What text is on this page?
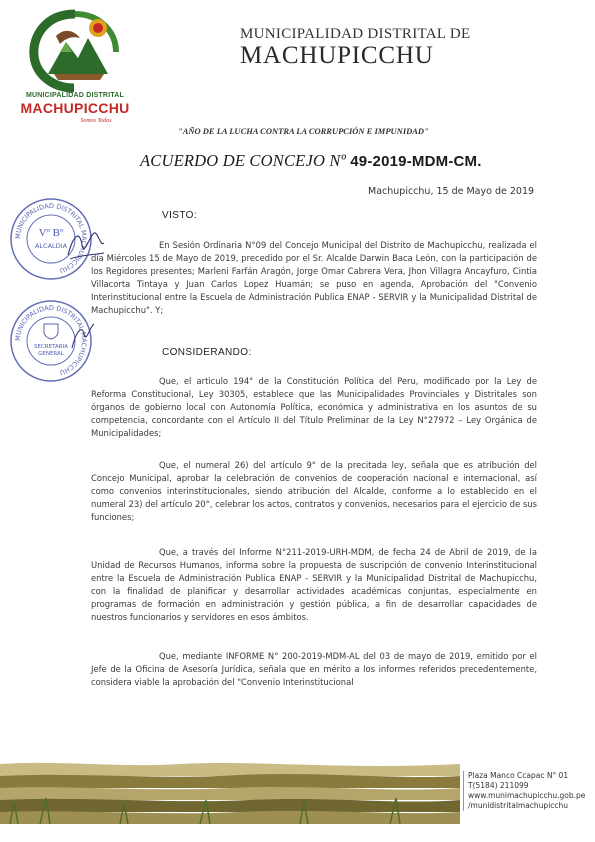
MUNICIPALIDAD DISTRITAL
MACHUPICCHU
Somos Todos
MUNICIPALIDAD DISTRITAL DE
MACHUPICCHU
"AÑO DE LA LUCHA CONTRA LA CORRUPCIÓN E IMPUNIDAD"
ACUERDO DE CONCEJO Nº 49-2019-MDM-CM.
Machupicchu, 15 de Mayo de 2019
VISTO:
En Sesión Ordinaria N°09 del Concejo Municipal del Distrito de Machupicchu, realizada el día Miércoles 15 de Mayo de 2019, precedido por el Sr. Alcalde Darwin Baca León, con la participación de los Regidores presentes; Marleni Farfán Aragón, Jorge Omar Cabrera Vera, Jhon Villagra Ancayfuro, Cintia Villacorta Tintaya y Juan Carlos Lopez Huamán; se puso en agenda, Aprobación del "Convenio Interinstitucional entre la Escuela de Administración Publica ENAP - SERVIR y la Municipalidad Distrital de Machupicchu". Y;
CONSIDERANDO:
Que, el articulo 194° de la Constitución Política del Peru, modificado por la Ley de Reforma Constitucional, Ley 30305, establece que las Municipalidades Provinciales y Distritales son órganos de gobierno local con Autonomía Política, económica y administrativa en los asuntos de su competencia, concordante con el Artículo II del Título Preliminar de la Ley N°27972 – Ley Orgánica de Municipalidades;
Que, el numeral 26) del artículo 9° de la precitada ley, señala que es atribución del Concejo Municipal, aprobar la celebración de convenios de cooperación nacional e internacional, así como convenios interinstitucionales, siendo atribución del Alcalde, conforme a lo establecido en el numeral 23) del artículo 20°, celebrar los actos, contratos y convenios, necesarios para el ejercicio de sus funciones;
Que, a través del Informe N°211-2019-URH-MDM, de fecha 24 de Abril de 2019, de la Unidad de Recursos Humanos, informa sobre la propuesta de suscripción de convenio Interinstitucional entre la Escuela de Administración Publica ENAP - SERVIR y la Municipalidad Distrital de Machupicchu, con la finalidad de planificar y desarrollar actividades académicas conjuntas, especialmente en programas de formación en administración y gestión pública, a fin de desarrollar capacidades de nuestros funcionarios y servidores en esos ámbitos.
Que, mediante INFORME N° 200-2019-MDM-AL del 03 de mayo de 2019, emitido por el Jefe de la Oficina de Asesoría Jurídica, señala que en mérito a los informes referidos precedentemente, considera viable la aprobación del "Convenio Interinstitucional
MUNICIPALIDAD DISTRITAL MACHUPICCHU
Vº Bº
ALCALDIA
MUNICIPALIDAD DISTRITAL MACHUPICCHU
SECRETARIA
GENERAL
Plaza Manco Ccapac N° 01
T(5184) 211099
www.munimachupicchu.gob.pe
/munidistritalmachupicchu
